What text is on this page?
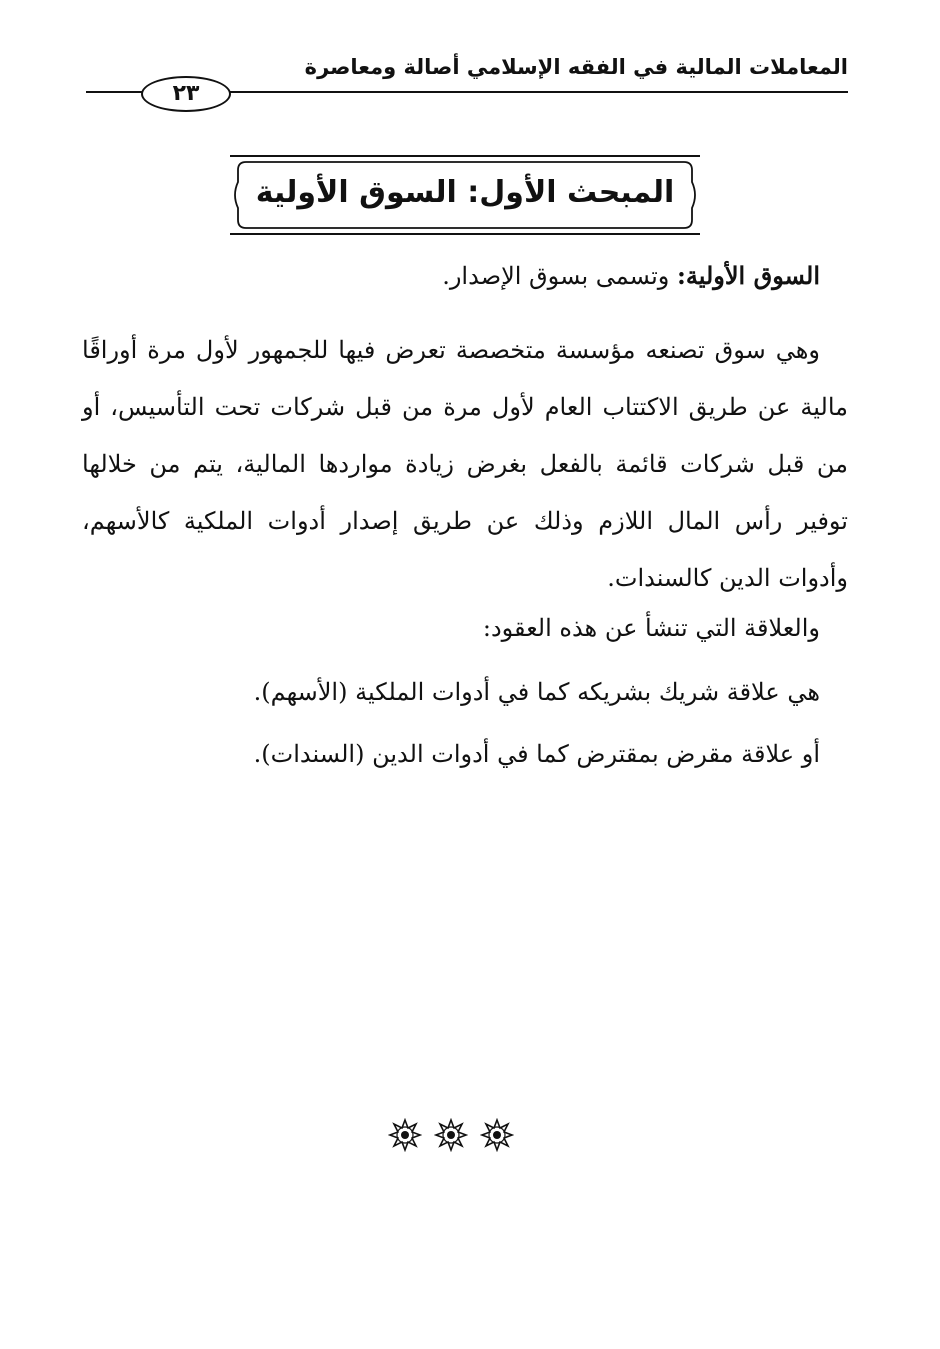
المعاملات المالية في الفقه الإسلامي أصالة ومعاصرة
٢٣
المبحث الأول: السوق الأولية
السوق الأولية: وتسمى بسوق الإصدار.
وهي سوق تصنعه مؤسسة متخصصة تعرض فيها للجمهور لأول مرة أوراقًا مالية عن طريق الاكتتاب العام لأول مرة من قبل شركات تحت التأسيس، أو من قبل شركات قائمة بالفعل بغرض زيادة مواردها المالية، يتم من خلالها توفير رأس المال اللازم وذلك عن طريق إصدار أدوات الملكية كالأسهم، وأدوات الدين كالسندات.
والعلاقة التي تنشأ عن هذه العقود:
هي علاقة شريك بشريكه كما في أدوات الملكية (الأسهم).
أو علاقة مقرض بمقترض كما في أدوات الدين (السندات).
